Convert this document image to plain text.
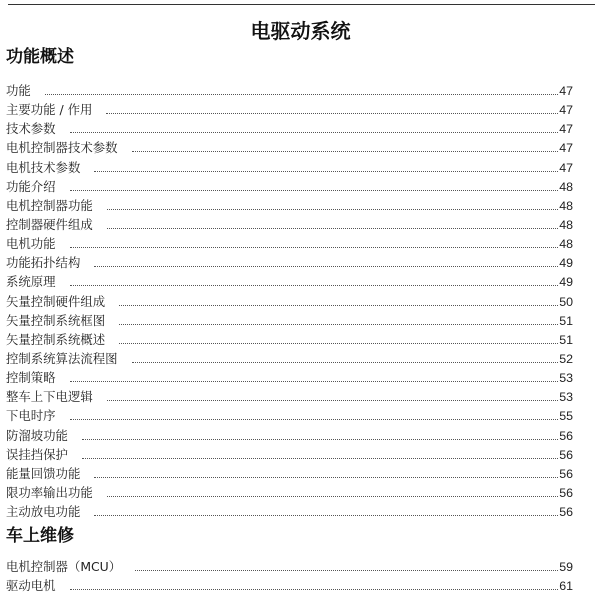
电驱动系统
功能概述
功能	47
主要功能 / 作用	47
技术参数	47
电机控制器技术参数	47
电机技术参数	47
功能介绍	48
电机控制器功能	48
控制器硬件组成	48
电机功能	48
功能拓扑结构	49
系统原理	49
矢量控制硬件组成	50
矢量控制系统框图	51
矢量控制系统概述	51
控制系统算法流程图	52
控制策略	53
整车上下电逻辑	53
下电时序	55
防溜坡功能	56
误挂挡保护	56
能量回馈功能	56
限功率输出功能	56
主动放电功能	56
车上维修
电机控制器（MCU）	59
驱动电机	61
